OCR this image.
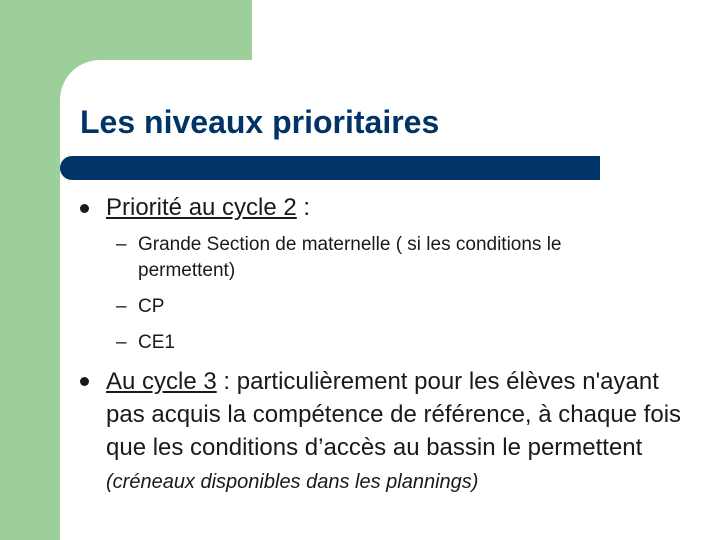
Les niveaux prioritaires
Priorité au cycle 2 :
– Grande Section de maternelle ( si les conditions le
permettent)
– CP
– CE1
Au cycle 3 : particulièrement pour les élèves n'ayant pas acquis la compétence de référence, à chaque fois que les conditions d’accès au bassin le permettent (créneaux disponibles dans les plannings)
